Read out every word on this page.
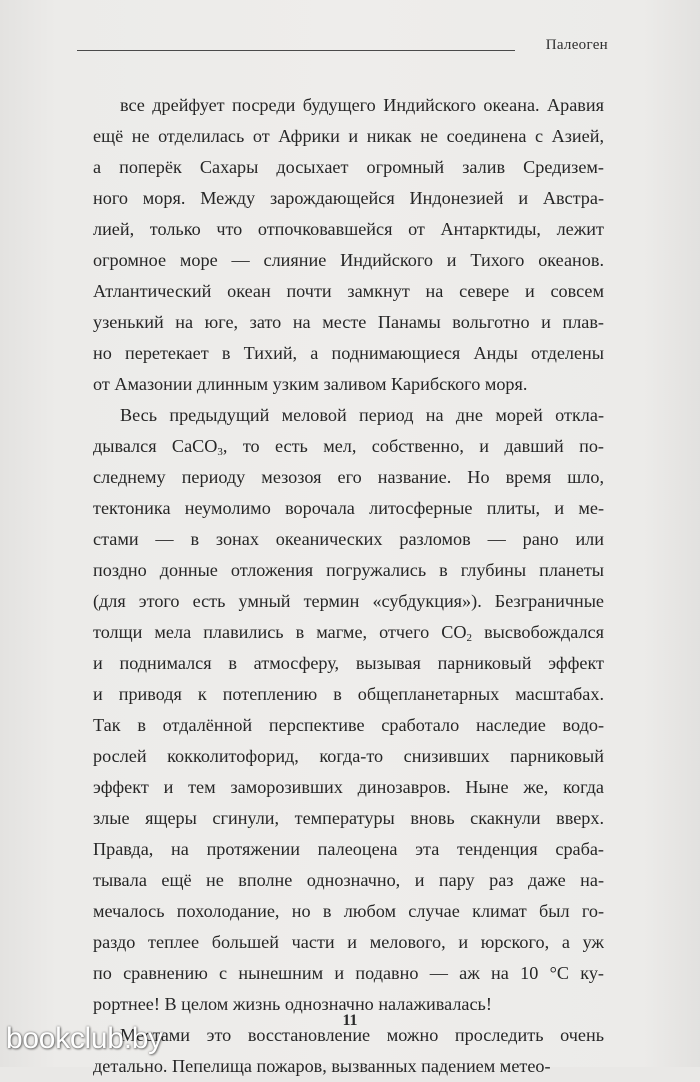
Палеоген
все дрейфует посреди будущего Индийского океана. Аравия
ещё не отделилась от Африки и никак не соединена с Азией,
а поперёк Сахары досыхает огромный залив Средизем-
ного моря. Между зарождающейся Индонезией и Австра-
лией, только что отпочковавшейся от Антарктиды, лежит
огромное море — слияние Индийского и Тихого океанов.
Атлантический океан почти замкнут на севере и совсем
узенький на юге, зато на месте Панамы вольготно и плав-
но перетекает в Тихий, а поднимающиеся Анды отделены
от Амазонии длинным узким заливом Карибского моря.
Весь предыдущий меловой период на дне морей откла-
дывался CaCO$_3$, то есть мел, собственно, и давший по-
следнему периоду мезозоя его название. Но время шло,
тектоника неумолимо ворочала литосферные плиты, и ме-
стами — в зонах океанических разломов — рано или
поздно донные отложения погружались в глубины планеты
(для этого есть умный термин «субдукция»). Безграничные
толщи мела плавились в магме, отчего $CO_2$ высвобождался
и поднимался в атмосферу, вызывая парниковый эффект
и приводя к потеплению в общепланетарных масштабах.
Так в отдалённой перспективе сработало наследие водо-
рослей кокколитофорид, когда-то снизивших парниковый
эффект и тем заморозивших динозавров. Ныне же, когда
злые ящеры сгинули, температуры вновь скакнули вверх.
Правда, на протяжении палеоцена эта тенденция сраба-
тывала ещё не вполне однозначно, и пару раз даже на-
мечалось похолодание, но в любом случае климат был го-
раздо теплее большей части и мелового, и юрского, а уж
по сравнению с нынешним и подавно — аж на 10 °С ку-
рортнее! В целом жизнь однозначно налаживалась!
Местами это восстановление можно проследить очень
детально. Пепелища пожаров, вызванных падением метео-
11
bookclub.by
